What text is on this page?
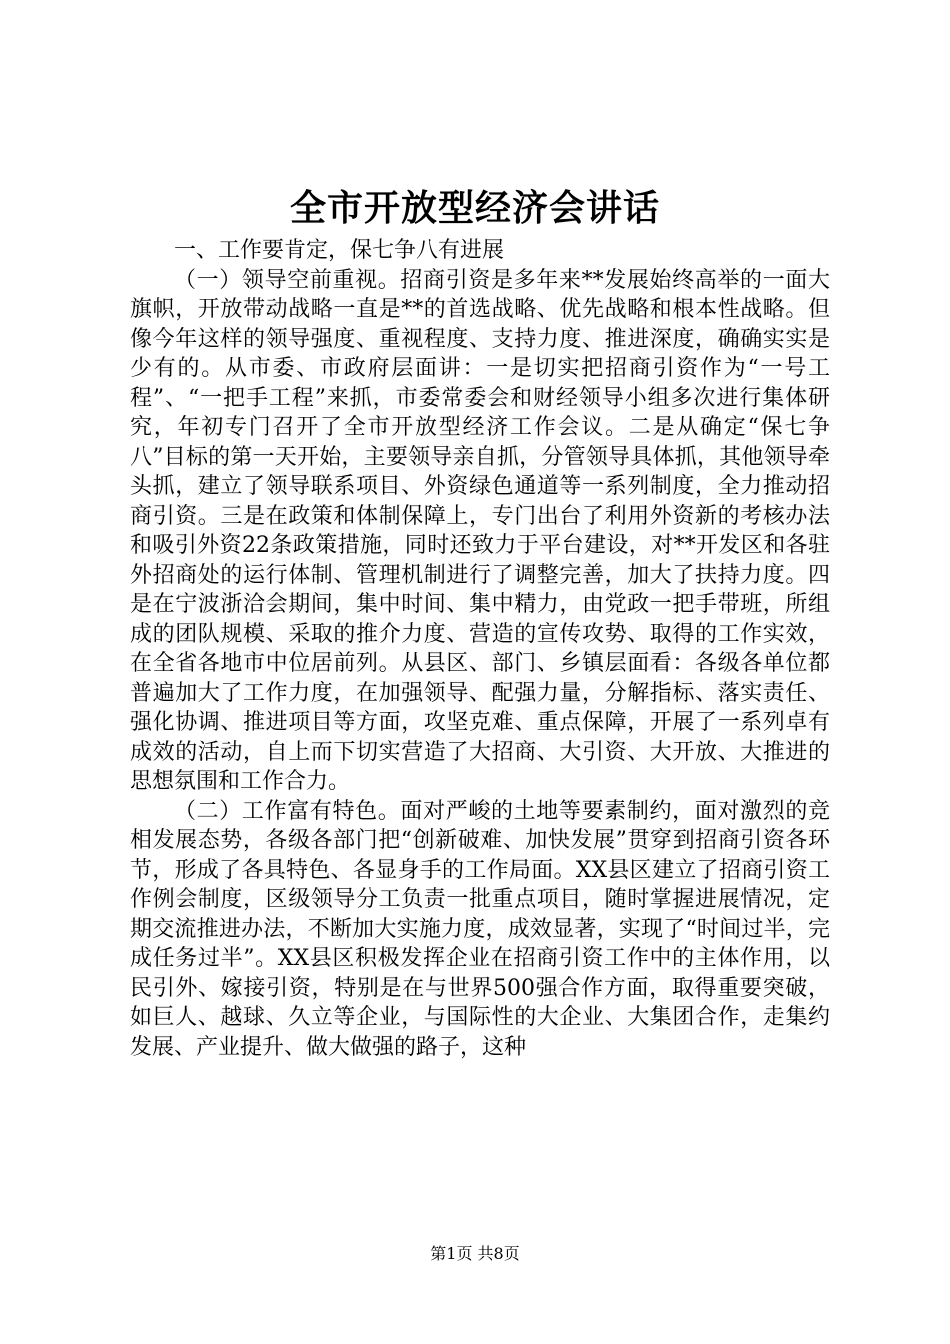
全市开放型经济会讲话

一、工作要肯定，保七争八有进展

（一）领导空前重视。招商引资是多年来**发展始终高举的一面大旗帜，开放带动战略一直是**的首选战略、优先战略和根本性战略。但像今年这样的领导强度、重视程度、支持力度、推进深度，确确实实是少有的。从市委、市政府层面讲：一是切实把招商引资作为“一号工程”、“一把手工程”来抓，市委常委会和财经领导小组多次进行集体研究，年初专门召开了全市开放型经济工作会议。二是从确定“保七争八”目标的第一天开始，主要领导亲自抓，分管领导具体抓，其他领导牵头抓，建立了领导联系项目、外资绿色通道等一系列制度，全力推动招商引资。三是在政策和体制保障上，专门出台了利用外资新的考核办法和吸引外资22条政策措施，同时还致力于平台建设，对**开发区和各驻外招商处的运行体制、管理机制进行了调整完善，加大了扶持力度。四是在宁波浙洽会期间，集中时间、集中精力，由党政一把手带班，所组成的团队规模、采取的推介力度、营造的宣传攻势、取得的工作实效，在全省各地市中位居前列。从县区、部门、乡镇层面看：各级各单位都普遍加大了工作力度，在加强领导、配强力量，分解指标、落实责任、强化协调、推进项目等方面，攻坚克难、重点保障，开展了一系列卓有成效的活动，自上而下切实营造了大招商、大引资、大开放、大推进的思想氛围和工作合力。

（二）工作富有特色。面对严峻的土地等要素制约，面对激烈的竞相发展态势，各级各部门把“创新破难、加快发展”贯穿到招商引资各环节，形成了各具特色、各显身手的工作局面。XX县区建立了招商引资工作例会制度，区级领导分工负责一批重点项目，随时掌握进展情况，定期交流推进办法，不断加大实施力度，成效显著，实现了“时间过半，完成任务过半”。XX县区积极发挥企业在招商引资工作中的主体作用，以民引外、嫁接引资，特别是在与世界500强合作方面，取得重要突破，如巨人、越球、久立等企业，与国际性的大企业、大集团合作，走集约发展、产业提升、做大做强的路子，这种

第1页 共8页
